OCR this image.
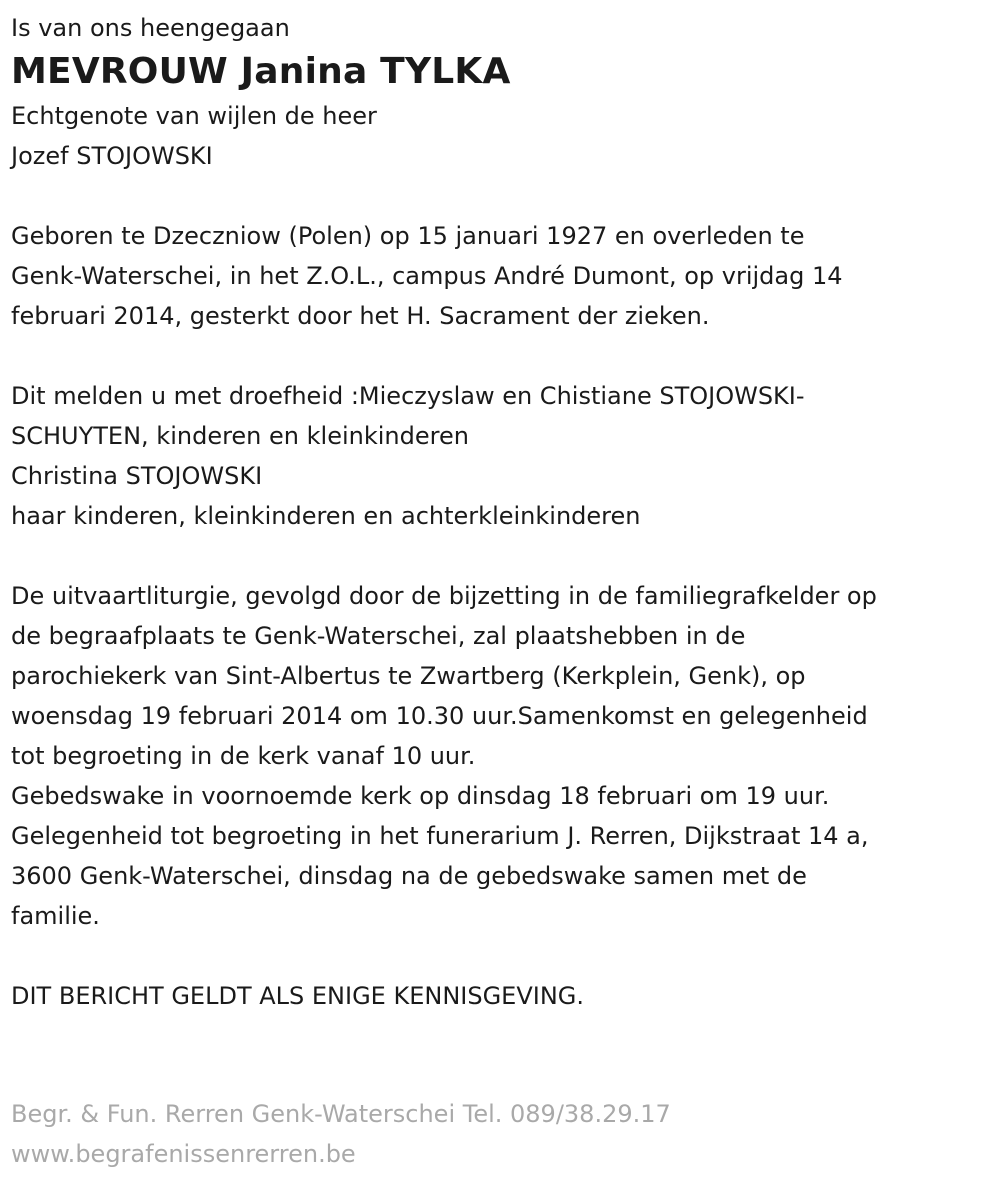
Is van ons heengegaan

MEVROUW Janina TYLKA
Echtgenote van wijlen de heer
Jozef STOJOWSKI
Geboren te Dzeczniow (Polen) op 15 januari 1927 en overleden te
Genk-Waterschei, in het Z.O.L., campus André Dumont, op vrijdag 14
februari 2014, gesterkt door het H. Sacrament der zieken.
Dit melden u met droefheid :Mieczyslaw en Chistiane STOJOWSKI-
SCHUYTEN, kinderen en kleinkinderen
Christina STOJOWSKI
haar kinderen, kleinkinderen en achterkleinkinderen
De uitvaartliturgie, gevolgd door de bijzetting in de familiegrafkelder op
de begraafplaats te Genk-Waterschei, zal plaatshebben in de
parochiekerk van Sint-Albertus te Zwartberg (Kerkplein, Genk), op
woensdag 19 februari 2014 om 10.30 uur.Samenkomst en gelegenheid
tot begroeting in de kerk vanaf 10 uur.
Gebedswake in voornoemde kerk op dinsdag 18 februari om 19 uur.
Gelegenheid tot begroeting in het funerarium J. Rerren, Dijkstraat 14 a,
3600 Genk-Waterschei, dinsdag na de gebedswake samen met de
familie.

DIT BERICHT GELDT ALS ENIGE KENNISGEVING.

Begr. & Fun. Rerren Genk-Waterschei Tel. 089/38.29.17
www.begrafenissenrerren.be
